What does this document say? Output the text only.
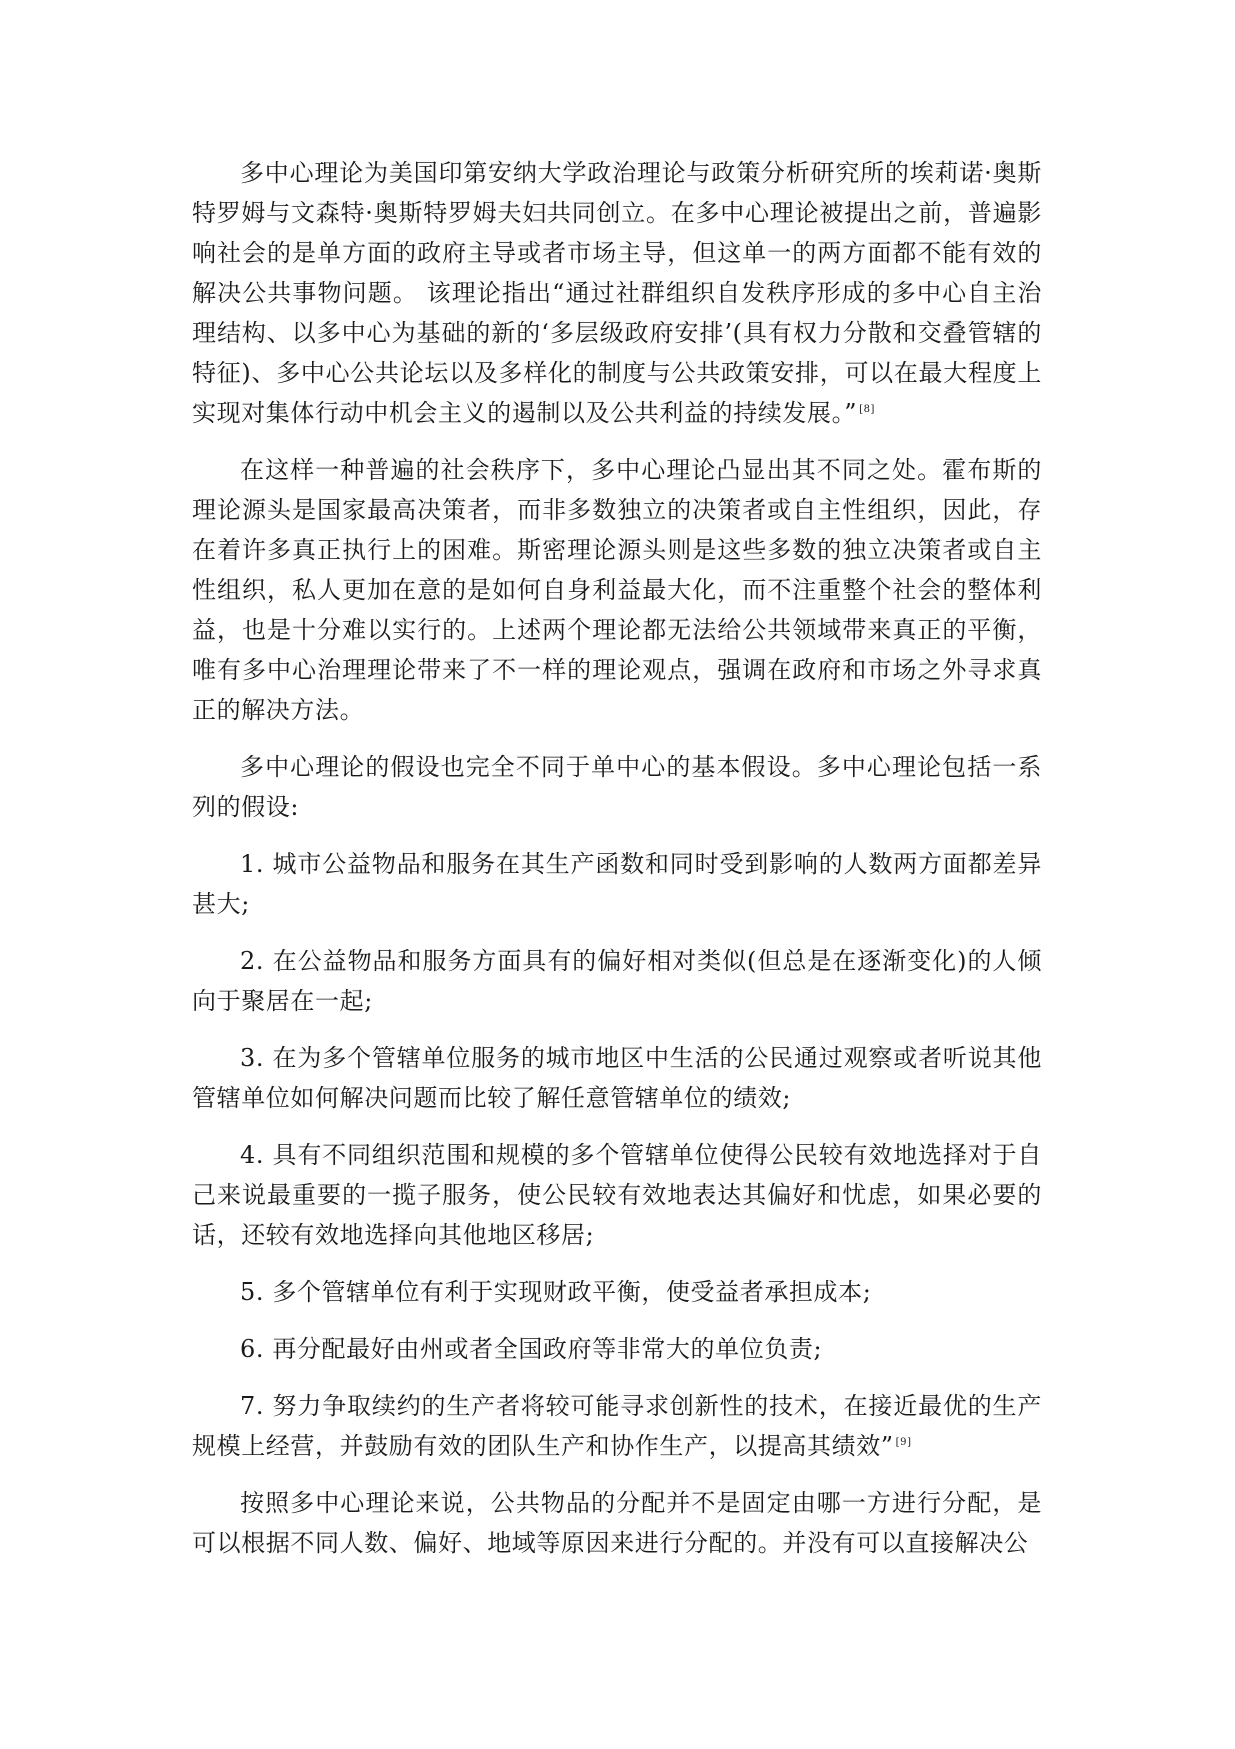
多中心理论为美国印第安纳大学政治理论与政策分析研究所的埃莉诺·奥斯特罗姆与文森特·奥斯特罗姆夫妇共同创立。在多中心理论被提出之前，普遍影响社会的是单方面的政府主导或者市场主导，但这单一的两方面都不能有效的解决公共事物问题。 该理论指出“通过社群组织自发秩序形成的多中心自主治理结构、以多中心为基础的新的‘多层级政府安排’(具有权力分散和交叠管辖的特征)、多中心公共论坛以及多样化的制度与公共政策安排，可以在最大程度上实现对集体行动中机会主义的遏制以及公共利益的持续发展。” [8]

在这样一种普遍的社会秩序下，多中心理论凸显出其不同之处。霍布斯的理论源头是国家最高决策者，而非多数独立的决策者或自主性组织，因此，存在着许多真正执行上的困难。斯密理论源头则是这些多数的独立决策者或自主性组织，私人更加在意的是如何自身利益最大化，而不注重整个社会的整体利益，也是十分难以实行的。上述两个理论都无法给公共领域带来真正的平衡，唯有多中心治理理论带来了不一样的理论观点，强调在政府和市场之外寻求真正的解决方法。

多中心理论的假设也完全不同于单中心的基本假设。多中心理论包括一系列的假设:

1. 城市公益物品和服务在其生产函数和同时受到影响的人数两方面都差异甚大;

2. 在公益物品和服务方面具有的偏好相对类似(但总是在逐渐变化)的人倾向于聚居在一起;

3. 在为多个管辖单位服务的城市地区中生活的公民通过观察或者听说其他管辖单位如何解决问题而比较了解任意管辖单位的绩效;

4. 具有不同组织范围和规模的多个管辖单位使得公民较有效地选择对于自己来说最重要的一揽子服务，使公民较有效地表达其偏好和忧虑，如果必要的话，还较有效地选择向其他地区移居;

5. 多个管辖单位有利于实现财政平衡，使受益者承担成本;

6. 再分配最好由州或者全国政府等非常大的单位负责;

7. 努力争取续约的生产者将较可能寻求创新性的技术，在接近最优的生产规模上经营，并鼓励有效的团队生产和协作生产，以提高其绩效” [9]

按照多中心理论来说，公共物品的分配并不是固定由哪一方进行分配，是可以根据不同人数、偏好、地域等原因来进行分配的。并没有可以直接解决公
